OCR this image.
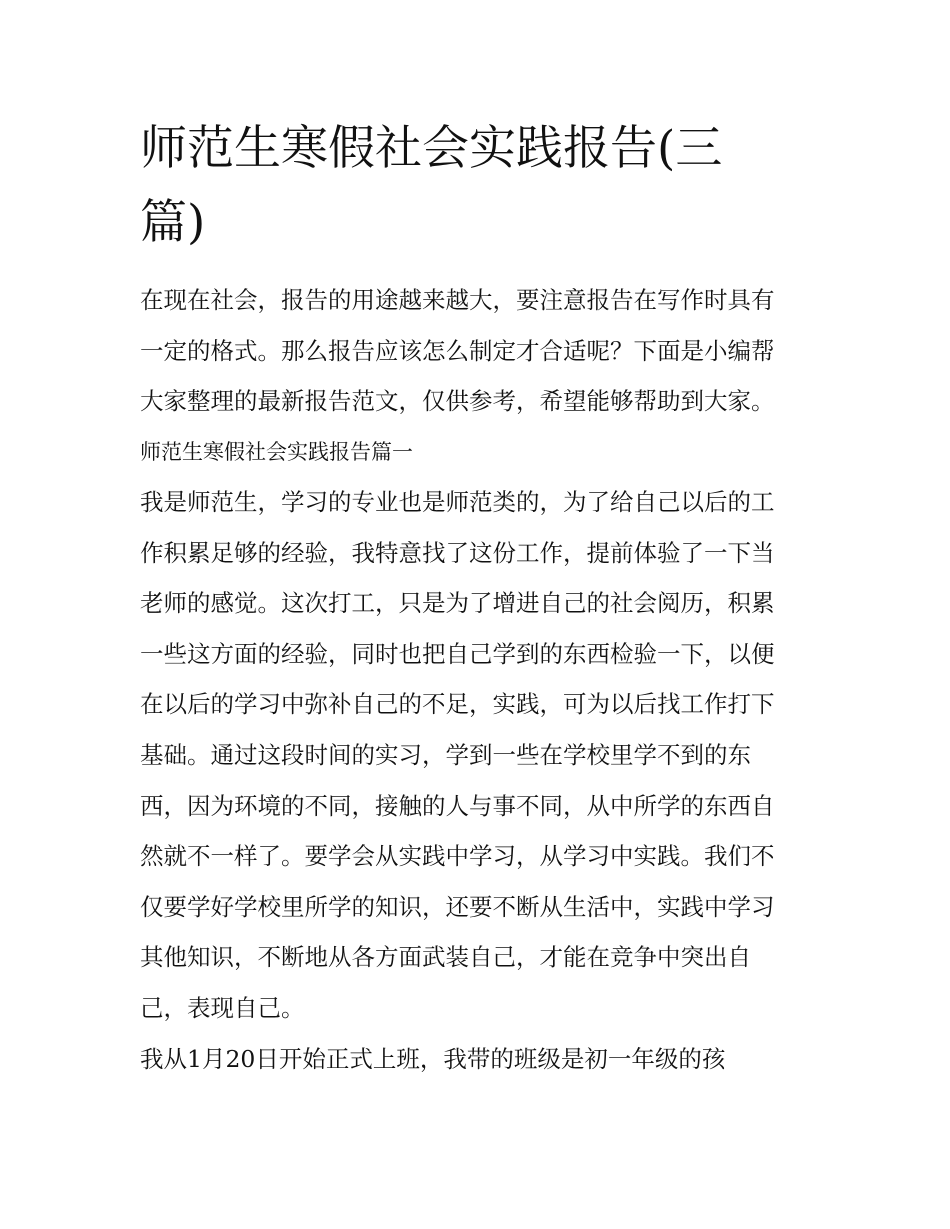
师范生寒假社会实践报告(三篇)

在现在社会，报告的用途越来越大，要注意报告在写作时具有

一定的格式。那么报告应该怎么制定才合适呢？下面是小编帮

大家整理的最新报告范文，仅供参考，希望能够帮助到大家。

师范生寒假社会实践报告篇一

我是师范生，学习的专业也是师范类的，为了给自己以后的工

作积累足够的经验，我特意找了这份工作，提前体验了一下当

老师的感觉。这次打工，只是为了增进自己的社会阅历，积累

一些这方面的经验，同时也把自己学到的东西检验一下，以便

在以后的学习中弥补自己的不足，实践，可为以后找工作打下

基础。通过这段时间的实习，学到一些在学校里学不到的东

西，因为环境的不同，接触的人与事不同，从中所学的东西自

然就不一样了。要学会从实践中学习，从学习中实践。我们不

仅要学好学校里所学的知识，还要不断从生活中，实践中学习

其他知识，不断地从各方面武装自己，才能在竞争中突出自

己，表现自己。

我从1月20日开始正式上班，我带的班级是初一年级的孩
